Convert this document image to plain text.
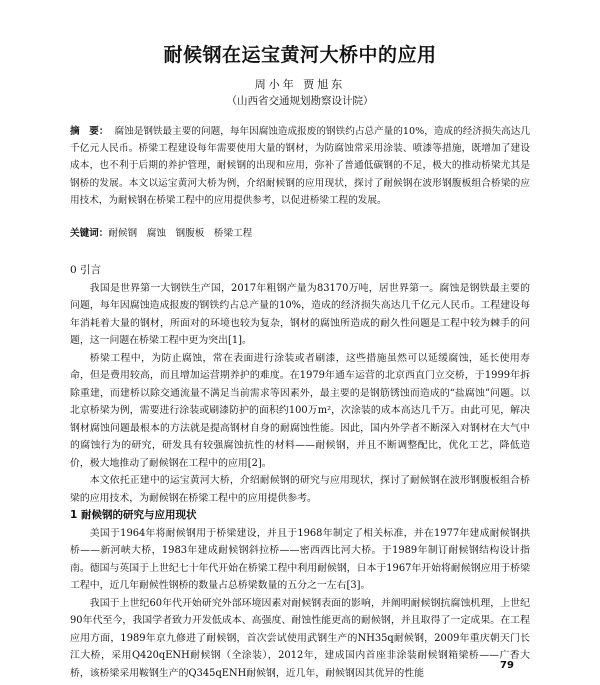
耐候钢在运宝黄河大桥中的应用
周小年 贾旭东
（山西省交通规划勘察设计院）
摘　要： 腐蚀是钢铁最主要的问题，每年因腐蚀造成报废的钢铁约占总产量的10%，造成的经济损失高达几千亿元人民币。桥梁工程建设每年需要使用大量的钢材，为防腐蚀常采用涂装、喷漆等措施，既增加了建设成本，也不利于后期的养护管理，耐候钢的出现和应用，弥补了普通低碳钢的不足，极大的推动桥梁尤其是钢桥的发展。本文以运宝黄河大桥为例，介绍耐候钢的应用现状，探讨了耐候钢在波形钢腹板组合桥梁的应用技术，为耐候钢在桥梁工程中的应用提供参考，以促进桥梁工程的发展。
关键词：耐候钢　腐蚀　钢腹板　桥梁工程
0 引言

我国是世界第一大钢铁生产国，2017年粗钢产量为83170万吨，居世界第一。腐蚀是钢铁最主要的问题，每年因腐蚀造成报废的钢铁约占总产量的10%，造成的经济损失高达几千亿元人民币。工程建设每年消耗着大量的钢材，所面对的环境也较为复杂，钢材的腐蚀所造成的耐久性问题是工程中较为棘手的问题，这一问题在桥梁工程中更为突出[1]。

桥梁工程中，为防止腐蚀，常在表面进行涂装或者刷漆，这些措施虽然可以延缓腐蚀，延长使用寿命，但是费用较高，而且增加运营期养护的难度。在1979年通车运营的北京西直门立交桥，于1999年拆除重建，而建桥以除交通流量不满足当前需求等因素外，最主要的是钢筋锈蚀而造成的“盐腐蚀”问题。以北京桥梁为例，需要进行涂装或刷漆防护的面积约100万m²，次涂装的成本高达几千万。由此可见，解决钢材腐蚀问题最根本的方法就是提高钢材自身的耐腐蚀性能。因此，国内外学者不断深入对钢材在大气中的腐蚀行为的研究，研发具有较强腐蚀抗性的材料——耐候钢，并且不断调整配比，优化工艺，降低造价，极大地推动了耐候钢在工程中的应用[2]。

本文依托正建中的运宝黄河大桥，介绍耐候钢的研究与应用现状，探讨了耐候钢在波形钢腹板组合桥梁的应用技术，为耐候钢在桥梁工程中的应用提供参考。

1 耐候钢的研究与应用现状

美国于1964年将耐候钢用于桥梁建设，并且于1968年制定了相关标准，并在1977年建成耐候钢拱桥——新河峡大桥，1983年建成耐候钢斜拉桥——密西西比河大桥。于1989年制订耐候钢结构设计指南。德国与英国于上世纪七十年代开始在桥梁工程中利用耐候钢，日本于1967年开始将耐候钢应用于桥梁工程中，近几年耐候性钢桥的数量占总桥梁数量的五分之一左右[3]。

我国于上世纪60年代开始研究外部环境因素对耐候钢表面的影响，并阐明耐候钢抗腐蚀机理，上世纪90年代至今，我国学者致力开发低成本、高强度、耐蚀性能更高的耐候钢，并且取得了一定成果。在工程应用方面，1989年京九修进了耐候钢，首次尝试使用武钢生产的NH35q耐候钢，2009年重庆朝天门长江大桥，采用Q420qENH耐候钢（全涂装），2012年，建成国内首座非涂装耐候钢箱梁桥——广香大桥，该桥梁采用鞍钢生产的Q345qENH耐候钢，近几年，耐候钢因其优异的性能

79
